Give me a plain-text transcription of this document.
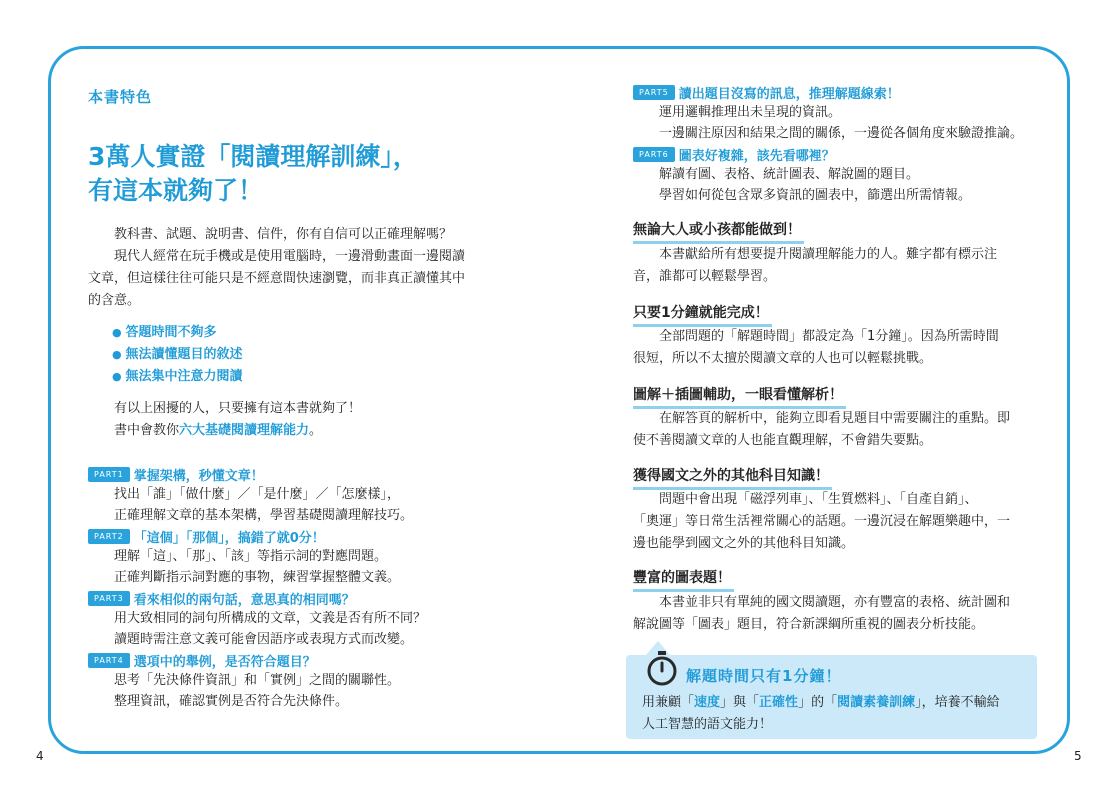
4	5
本書特色
3萬人實證「閱讀理解訓練」，
有這本就夠了！
教科書、試題、說明書、信件，你有自信可以正確理解嗎？
現代人經常在玩手機或是使用電腦時，一邊滑動畫面一邊閱讀
文章，但這樣往往可能只是不經意間快速瀏覽，而非真正讀懂其中
的含意。
● 答題時間不夠多
● 無法讀懂題目的敘述
● 無法集中注意力閱讀
有以上困擾的人，只要擁有這本書就夠了！
書中會教你六大基礎閱讀理解能力。
PART1 掌握架構，秒懂文章！
找出「誰」「做什麼」／「是什麼」／「怎麼樣」，
正確理解文章的基本架構，學習基礎閱讀理解技巧。
PART2 「這個」「那個」，搞錯了就0分！
理解「這」、「那」、「該」等指示詞的對應問題。
正確判斷指示詞對應的事物，練習掌握整體文義。
PART3 看來相似的兩句話，意思真的相同嗎？
用大致相同的詞句所構成的文章，文義是否有所不同？
讀題時需注意文義可能會因語序或表現方式而改變。
PART4 選項中的舉例，是否符合題目？
思考「先決條件資訊」和「實例」之間的關聯性。
整理資訊，確認實例是否符合先決條件。
PART5 讀出題目沒寫的訊息，推理解題線索！
運用邏輯推理出未呈現的資訊。
一邊關注原因和結果之間的關係，一邊從各個角度來驗證推論。
PART6 圖表好複雜，該先看哪裡？
解讀有圖、表格、統計圖表、解說圖的題目。
學習如何從包含眾多資訊的圖表中，篩選出所需情報。
無論大人或小孩都能做到！
本書獻給所有想要提升閱讀理解能力的人。難字都有標示注
音，誰都可以輕鬆學習。
只要1分鐘就能完成！
全部問題的「解題時間」都設定為「1分鐘」。因為所需時間
很短，所以不太擅於閱讀文章的人也可以輕鬆挑戰。
圖解＋插圖輔助，一眼看懂解析！
在解答頁的解析中，能夠立即看見題目中需要關注的重點。即
使不善閱讀文章的人也能直觀理解，不會錯失要點。
獲得國文之外的其他科目知識！
問題中會出現「磁浮列車」、「生質燃料」、「自產自銷」、
「奧運」等日常生活裡常關心的話題。一邊沉浸在解題樂趣中，一
邊也能學到國文之外的其他科目知識。
豐富的圖表題！
本書並非只有單純的國文閱讀題，亦有豐富的表格、統計圖和
解說圖等「圖表」題目，符合新課綱所重視的圖表分析技能。
解題時間只有1分鐘！
用兼顧「速度」與「正確性」的「閱讀素養訓練」，培養不輸給
人工智慧的語文能力！
